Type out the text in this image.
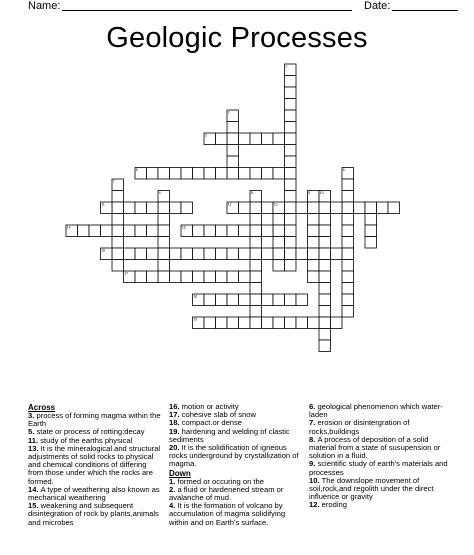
Name:	Date:
Geologic Processes
1
2
3
5	6
7
4	8	9	10
11	12	13
14	15
16
17
18
19
Across
3. process of forming magma within the Earth
5. state or process of rotting;decay
11. study of the earths physical
13. It is the mineralogical and structural adjustments of solid rocks to physical and chemical conditions of differing from those under which the rocks are formed.
14. A type of weathering also known as mechanical weathering
15. weakening and subsequent disintegration of rock by plants,animals and microbes
16. motion or activity
17. cohesive slab of snow
18. compact.or dense
19. hardening and welding of clastic sediments
20. It is the solidification of igneous rocks underground by crystallization of magma.
Down
1. formed or occuring on the
2. a fluid or hardenened stream or avalanche of mud.
4. It is the formation of volcano by accumulation of magma solidifying within and on Earth's surface.
6. geological phenomenon which water-laden
7. erosion or disintergration of rocks,buildings
8. A process of deposition of a solid material from a state of susupension or solution in a fluid.
9. scientific study of earth's materials and processes
10. The downslope movement of soil,rock,and regolith under the direct influence or gravity
12. eroding
